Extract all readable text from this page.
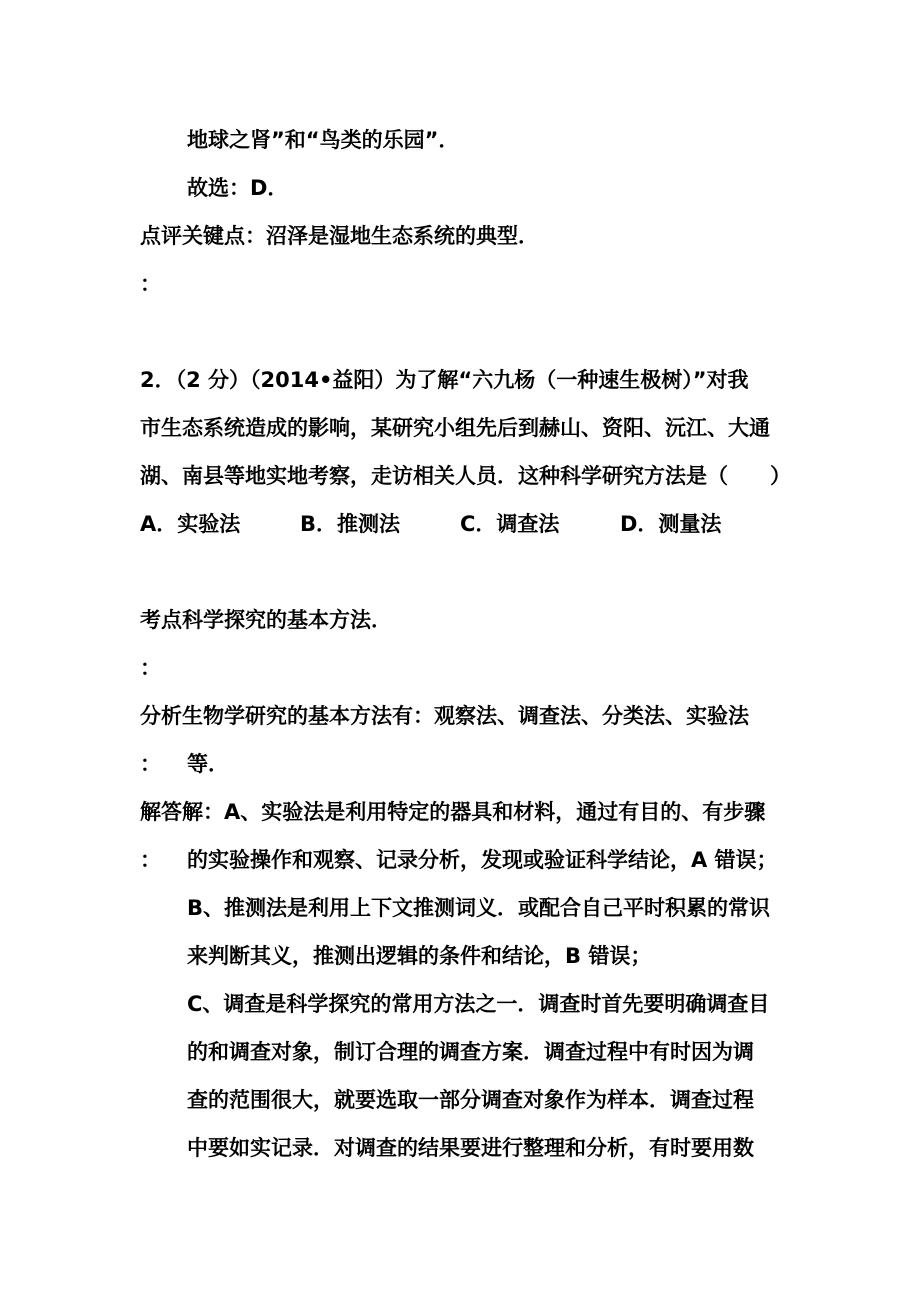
地球之肾”和“鸟类的乐园”．
故选：D．
点评关键点：沼泽是湿地生态系统的典型．
：
2．（2 分）（2014•益阳）为了解“六九杨（一种速生极树）”对我
市生态系统造成的影响，某研究小组先后到赫山、资阳、沅江、大通
湖、南县等地实地考察，走访相关人员．这种科学研究方法是（　　）
A．实验法	B．推测法	C．调查法	D．测量法
考点科学探究的基本方法．
：
分析生物学研究的基本方法有：观察法、调查法、分类法、实验法
： 等．
解答解：A、实验法是利用特定的器具和材料，通过有目的、有步骤
： 的实验操作和观察、记录分析，发现或验证科学结论，A 错误；
B、推测法是利用上下文推测词义．或配合自己平时积累的常识
来判断其义，推测出逻辑的条件和结论，B 错误；
C、调查是科学探究的常用方法之一．调查时首先要明确调查目
的和调查对象，制订合理的调查方案．调查过程中有时因为调
查的范围很大，就要选取一部分调查对象作为样本．调查过程
中要如实记录．对调查的结果要进行整理和分析，有时要用数
